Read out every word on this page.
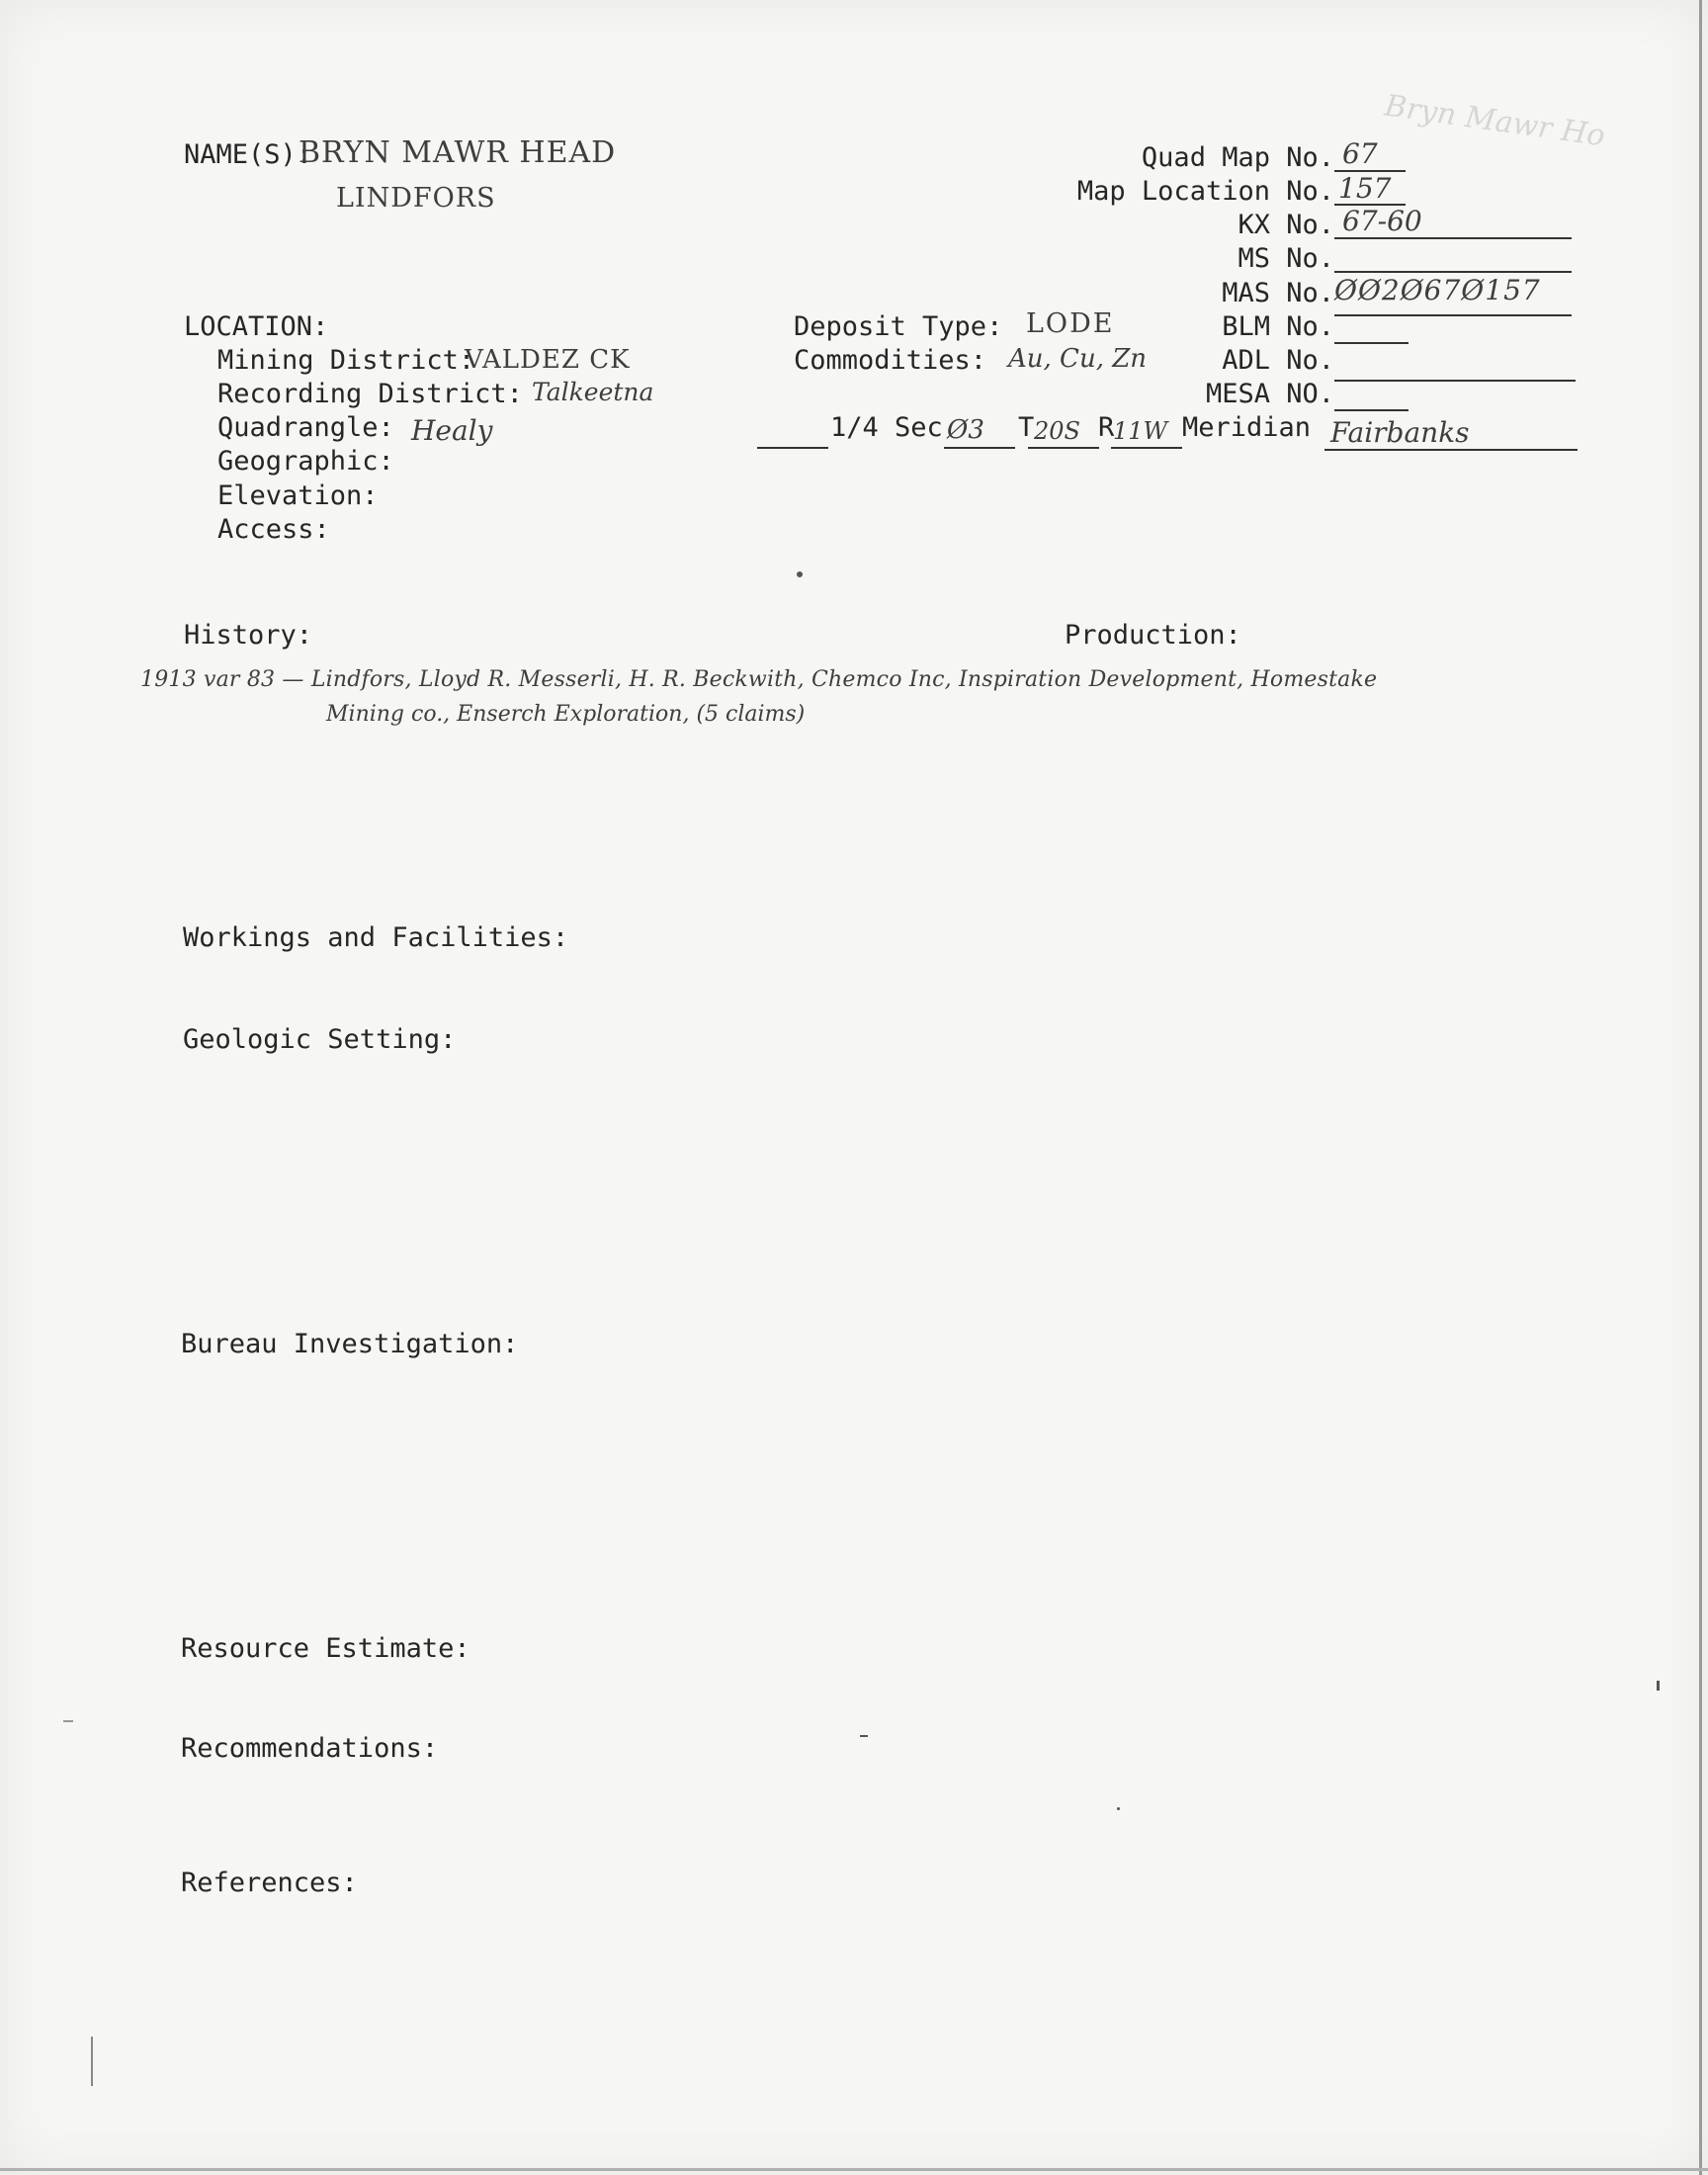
Bryn Mawr Ho
NAME(S):
BRYN MAWR HEAD
LINDFORS
Quad Map No. 67
Map Location No. 157
KX No. 67-60
MS No.
MAS No. ØØ2Ø67Ø157
BLM No.
ADL No.
MESA NO.
LOCATION:
Mining District:
VALDEZ CK
Recording District: Talkeetna
Quadrangle: Healy
Geographic:
Elevation:
Access:
Deposit Type: LODE
Commodities: Au, Cu, Zn
1/4 Sec Ø3 T 20S R
11W Meridian Fairbanks
History:	Production:
1913 var 83 — Lindfors, Lloyd R. Messerli, H. R. Beckwith, Chemco Inc, Inspiration Development, Homestake
Mining co., Enserch Exploration, (5 claims)
Workings and Facilities:
Geologic Setting:
Bureau Investigation:
Resource Estimate:
Recommendations:
References:
